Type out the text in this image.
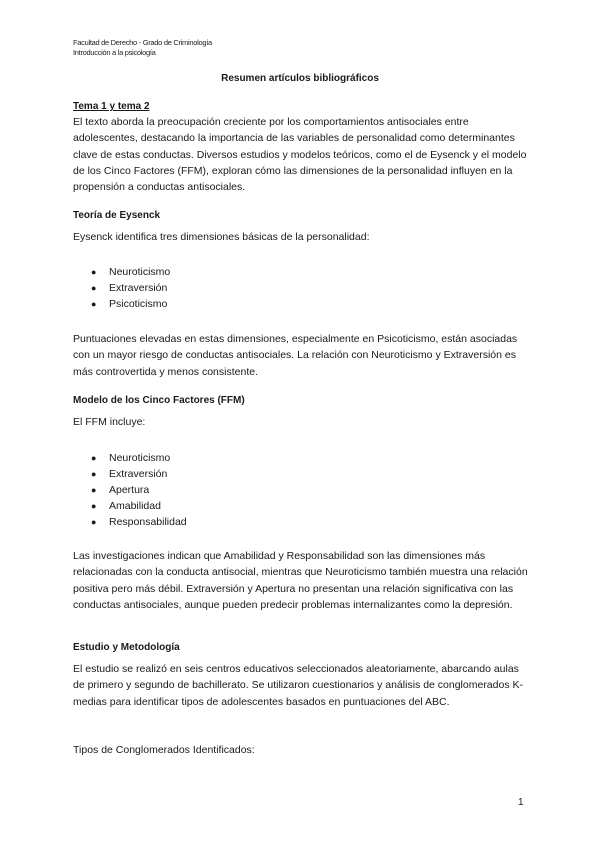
Facultad de Derecho - Grado de Criminología
Introducción a la psicología
Resumen artículos bibliográficos
Tema 1 y tema 2
El texto aborda la preocupación creciente por los comportamientos antisociales entre adolescentes, destacando la importancia de las variables de personalidad como determinantes clave de estas conductas. Diversos estudios y modelos teóricos, como el de Eysenck y el modelo de los Cinco Factores (FFM), exploran cómo las dimensiones de la personalidad influyen en la propensión a conductas antisociales.
Teoría de Eysenck
Eysenck identifica tres dimensiones básicas de la personalidad:
● Neuroticismo
● Extraversión
● Psicoticismo
Puntuaciones elevadas en estas dimensiones, especialmente en Psicoticismo, están asociadas con un mayor riesgo de conductas antisociales. La relación con Neuroticismo y Extraversión es más controvertida y menos consistente.
Modelo de los Cinco Factores (FFM)
El FFM incluye:
● Neuroticismo
● Extraversión
● Apertura
● Amabilidad
● Responsabilidad
Las investigaciones indican que Amabilidad y Responsabilidad son las dimensiones más relacionadas con la conducta antisocial, mientras que Neuroticismo también muestra una relación positiva pero más débil. Extraversión y Apertura no presentan una relación significativa con las conductas antisociales, aunque pueden predecir problemas internalizantes como la depresión.
Estudio y Metodología
El estudio se realizó en seis centros educativos seleccionados aleatoriamente, abarcando aulas de primero y segundo de bachillerato. Se utilizaron cuestionarios y análisis de conglomerados K-medias para identificar tipos de adolescentes basados en puntuaciones del ABC.
Tipos de Conglomerados Identificados:
1
